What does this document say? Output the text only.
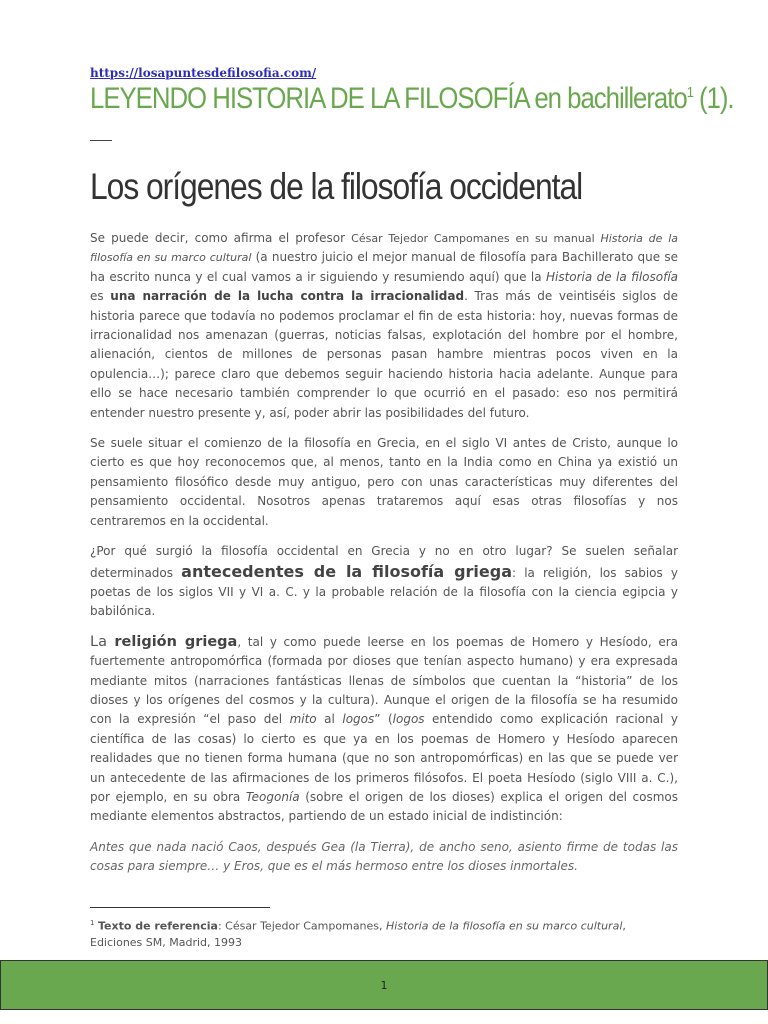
https://losapuntesdefilosofia.com/
LEYENDO HISTORIA DE LA FILOSOFÍA en bachillerato$^1$ (1).
Los orígenes de la filosofía occidental

Se puede decir, como afirma el profesor César Tejedor Campomanes en su manual Historia de la filosofía en su marco cultural (a nuestro juicio el mejor manual de filosofía para Bachillerato que se ha escrito nunca y el cual vamos a ir siguiendo y resumiendo aquí) que la Historia de la filosofía es una narración de la lucha contra la irracionalidad. Tras más de veintiséis siglos de historia parece que todavía no podemos proclamar el fin de esta historia: hoy, nuevas formas de irracionalidad nos amenazan (guerras, noticias falsas, explotación del hombre por el hombre, alienación, cientos de millones de personas pasan hambre mientras pocos viven en la opulencia…); parece claro que debemos seguir haciendo historia hacia adelante. Aunque para ello se hace necesario también comprender lo que ocurrió en el pasado: eso nos permitirá entender nuestro presente y, así, poder abrir las posibilidades del futuro.

Se suele situar el comienzo de la filosofía en Grecia, en el siglo VI antes de Cristo, aunque lo cierto es que hoy reconocemos que, al menos, tanto en la India como en China ya existió un pensamiento filosófico desde muy antiguo, pero con unas características muy diferentes del pensamiento occidental. Nosotros apenas trataremos aquí esas otras filosofías y nos centraremos en la occidental.

¿Por qué surgió la filosofía occidental en Grecia y no en otro lugar? Se suelen señalar determinados antecedentes de la filosofía griega: la religión, los sabios y poetas de los siglos VII y VI a. C. y la probable relación de la filosofía con la ciencia egipcia y babilónica.

La religión griega, tal y como puede leerse en los poemas de Homero y Hesíodo, era fuertemente antropomórfica (formada por dioses que tenían aspecto humano) y era expresada mediante mitos (narraciones fantásticas llenas de símbolos que cuentan la “historia” de los dioses y los orígenes del cosmos y la cultura). Aunque el origen de la filosofía se ha resumido con la expresión “el paso del mito al logos” (logos entendido como explicación racional y científica de las cosas) lo cierto es que ya en los poemas de Homero y Hesíodo aparecen realidades que no tienen forma humana (que no son antropomórficas) en las que se puede ver un antecedente de las afirmaciones de los primeros filósofos. El poeta Hesíodo (siglo VIII a. C.), por ejemplo, en su obra Teogonía (sobre el origen de los dioses) explica el origen del cosmos mediante elementos abstractos, partiendo de un estado inicial de indistinción:

Antes que nada nació Caos, después Gea (la Tierra), de ancho seno, asiento firme de todas las cosas para siempre… y Eros, que es el más hermoso entre los dioses inmortales.

$^1$ Texto de referencia: César Tejedor Campomanes, Historia de la filosofía en su marco cultural, Ediciones SM, Madrid, 1993
1
